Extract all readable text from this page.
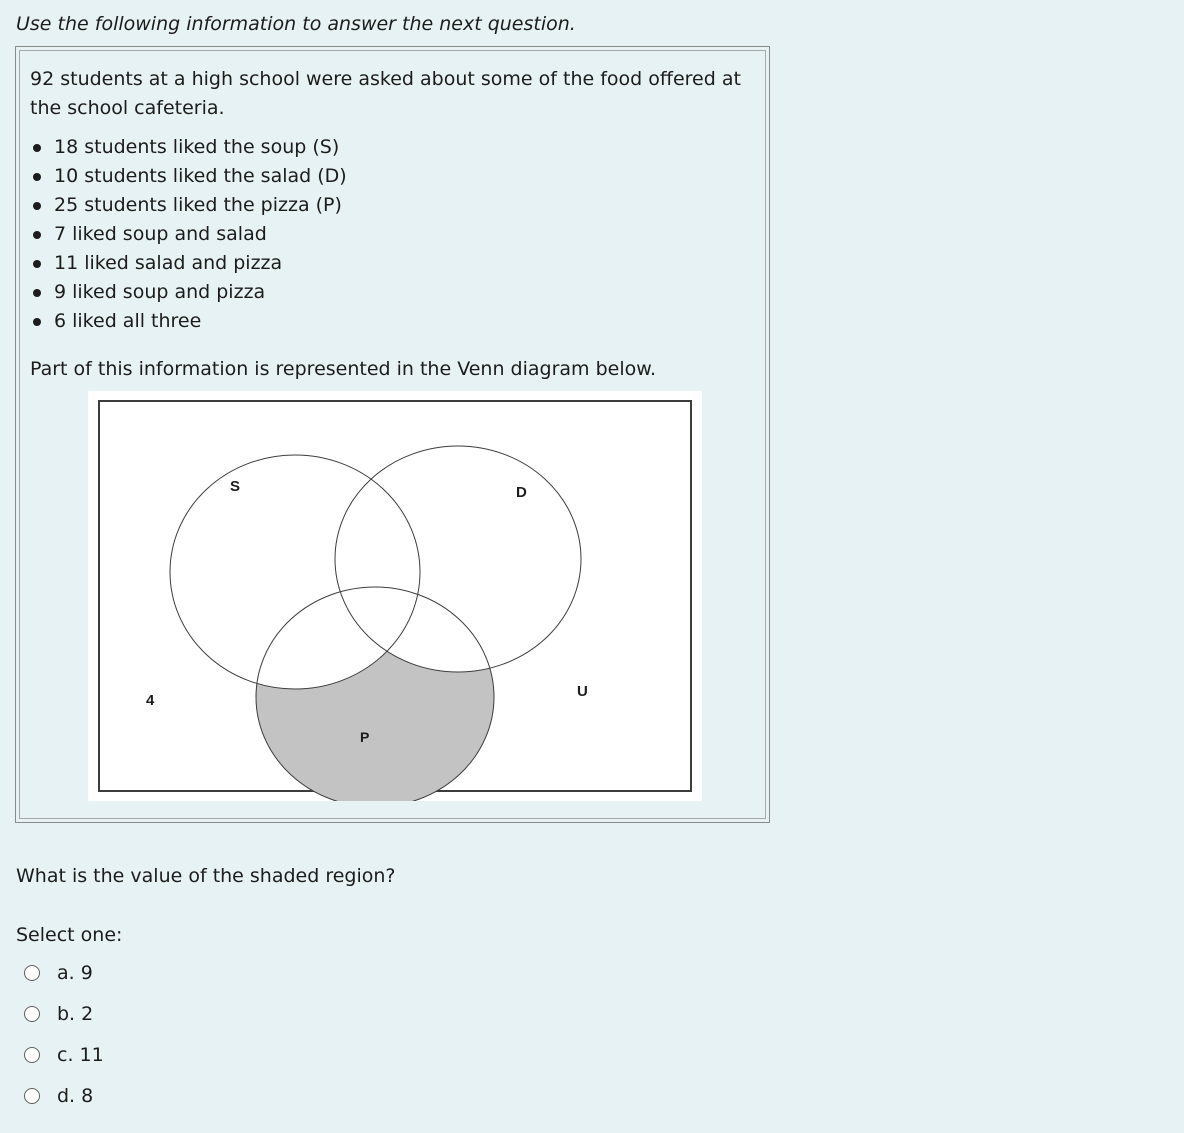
Use the following information to answer the next question.

92 students at a high school were asked about some of the food offered at the school cafeteria.

18 students liked the soup (S)
10 students liked the salad (D)
25 students liked the pizza (P)
7 liked soup and salad
11 liked salad and pizza
9 liked soup and pizza
6 liked all three

Part of this information is represented in the Venn diagram below.

S	D
4
U
P

What is the value of the shaded region?

Select one:

a. 9
b. 2
c. 11
d. 8
